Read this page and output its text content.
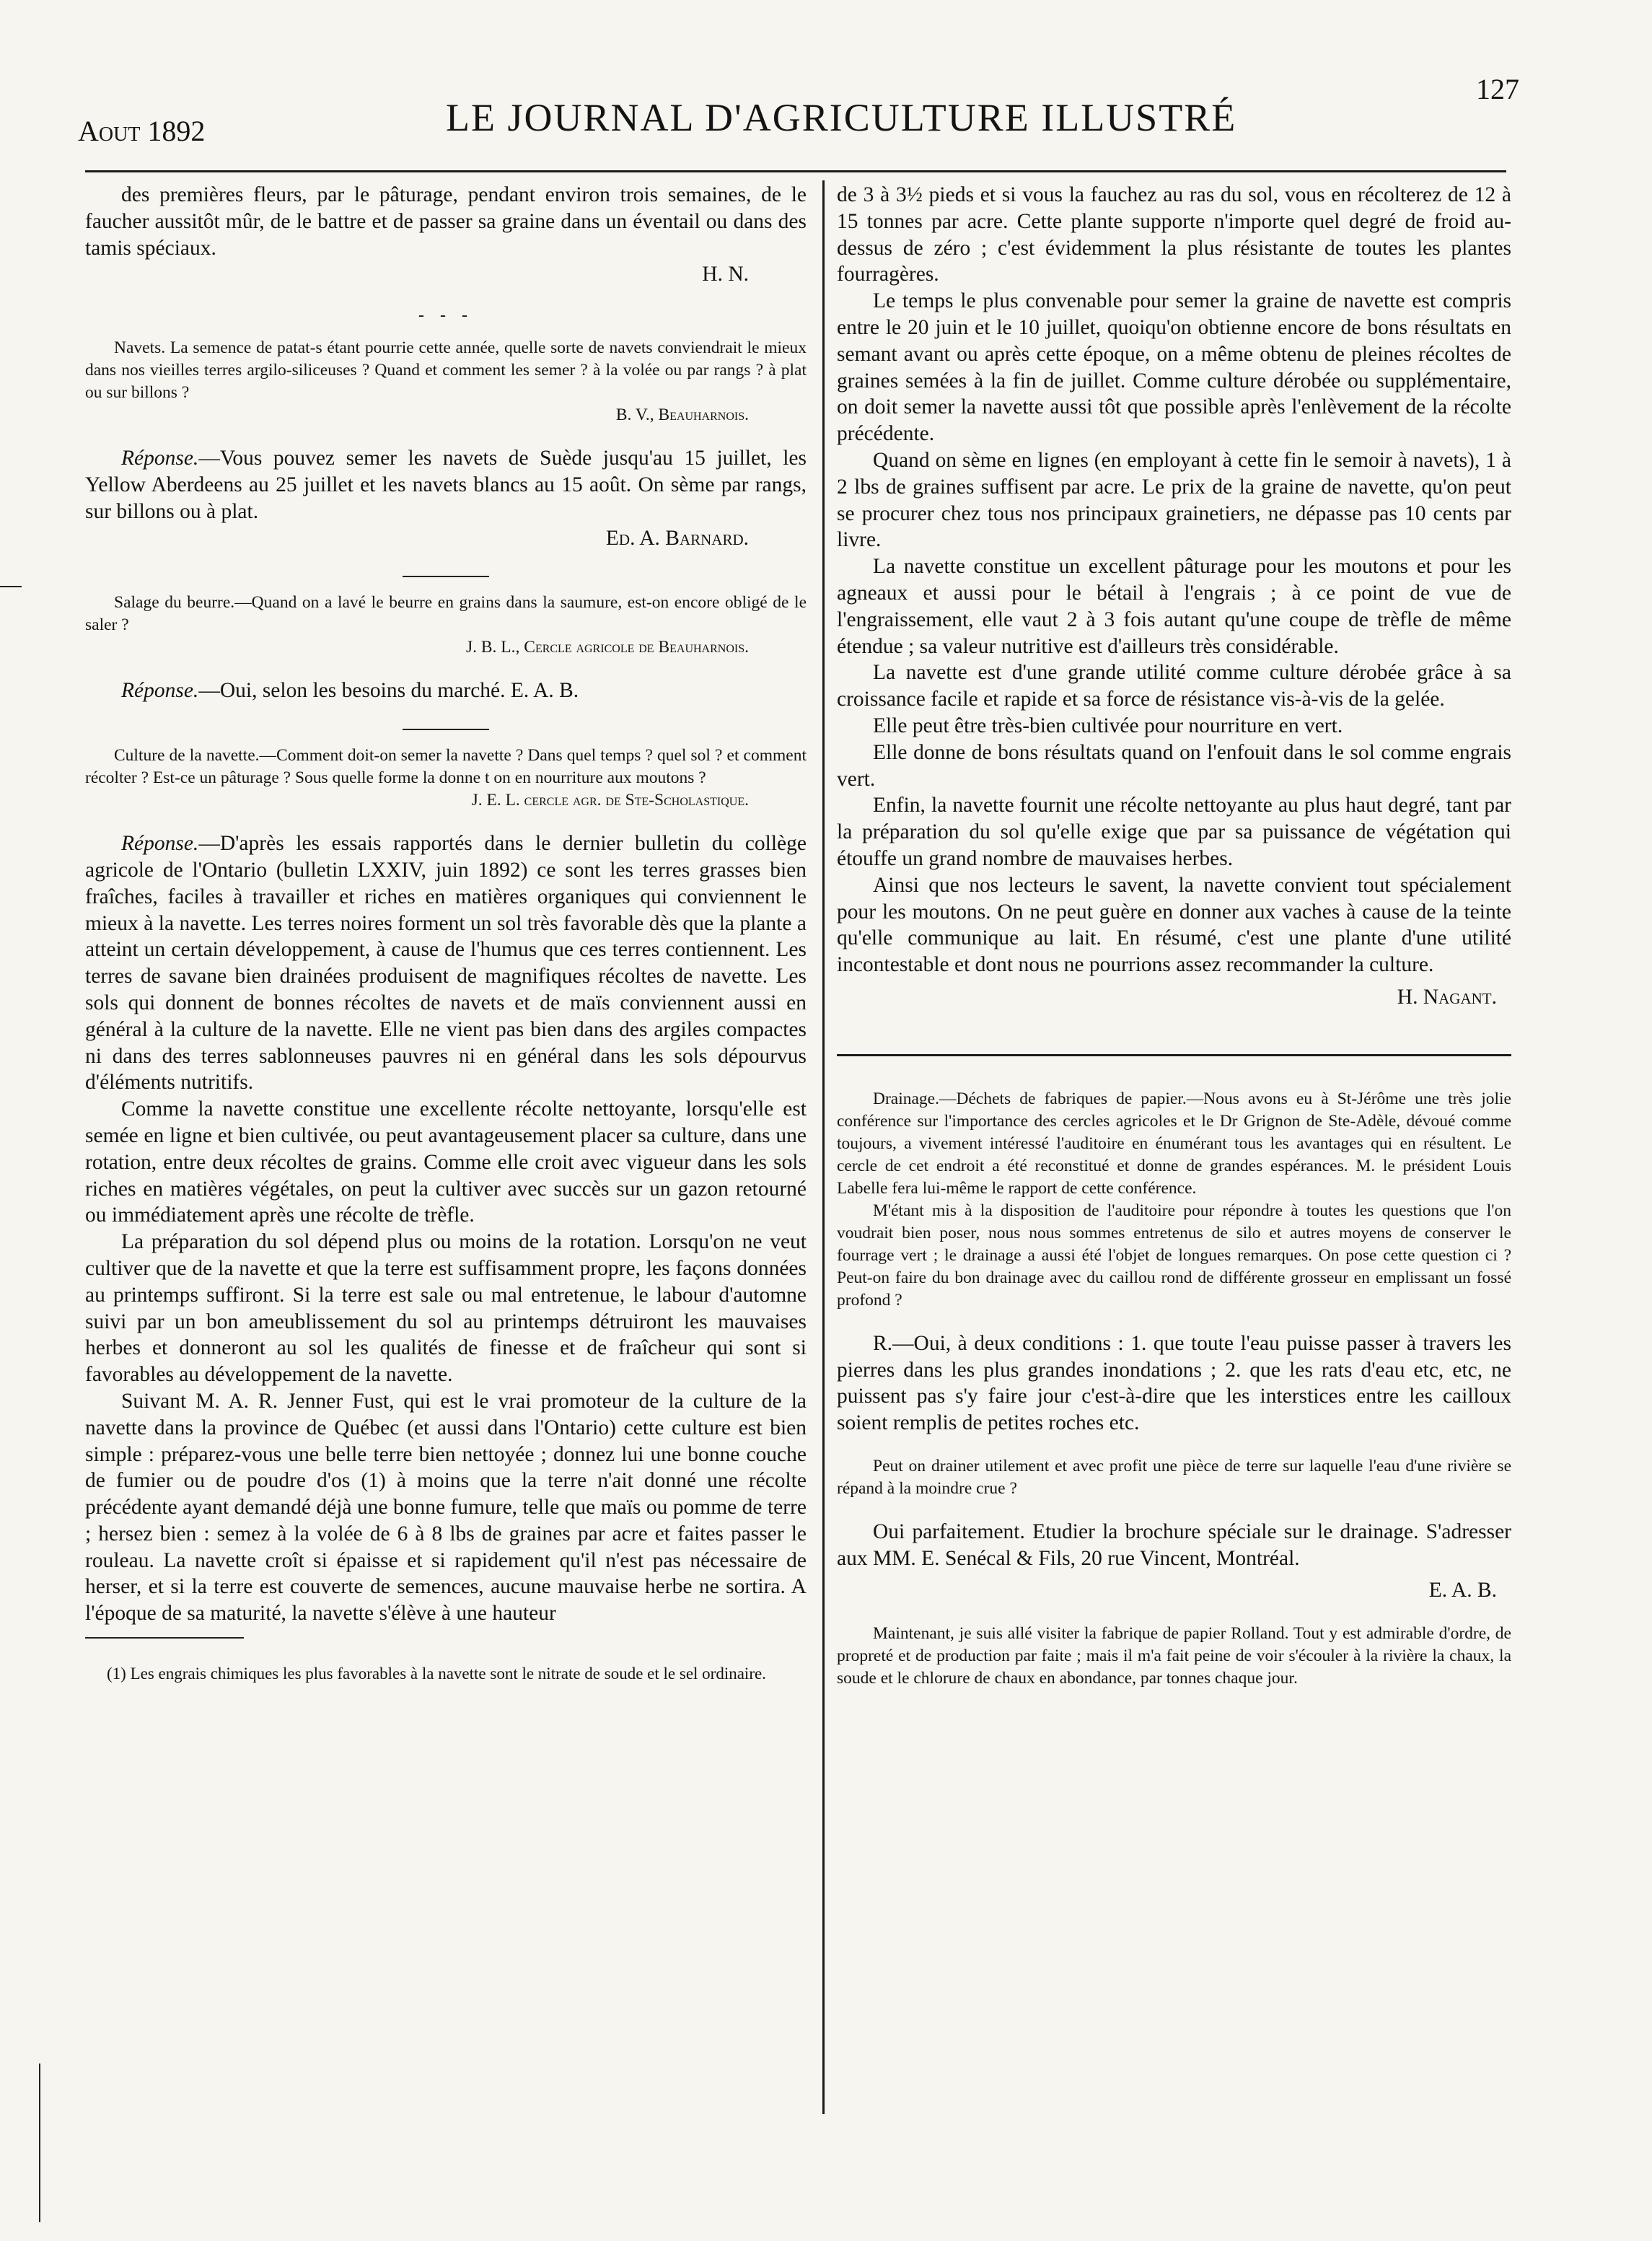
Aout 1892	LE JOURNAL D'AGRICULTURE ILLUSTRÉ
127

des premières fleurs, par le pâturage, pendant environ trois semaines, de le faucher aussitôt mûr, de le battre et de passer sa graine dans un éventail ou dans des tamis spéciaux.

H. N.

- - -

Navets. La semence de patat-s étant pourrie cette année, quelle sorte de navets conviendrait le mieux dans nos vieilles terres argilo-siliceuses ? Quand et comment les semer ? à la volée ou par rangs ? à plat ou sur billons ?

B. V., Beauharnois.

Réponse.—Vous pouvez semer les navets de Suède jusqu'au 15 juillet, les Yellow Aberdeens au 25 juillet et les navets blancs au 15 août. On sème par rangs, sur billons ou à plat.

Ed. A. Barnard.

Salage du beurre.—Quand on a lavé le beurre en grains dans la saumure, est-on encore obligé de le saler ?

J. B. L., Cercle agricole de Beauharnois.

Réponse.—Oui, selon les besoins du marché. E. A. B.

Culture de la navette.—Comment doit-on semer la navette ? Dans quel temps ? quel sol ? et comment récolter ? Est-ce un pâturage ? Sous quelle forme la donne t on en nourriture aux moutons ?

J. E. L. cercle agr. de Ste-Scholastique.

Réponse.—D'après les essais rapportés dans le dernier bulletin du collège agricole de l'Ontario (bulletin LXXIV, juin 1892) ce sont les terres grasses bien fraîches, faciles à travailler et riches en matières organiques qui conviennent le mieux à la navette. Les terres noires forment un sol très favorable dès que la plante a atteint un certain développement, à cause de l'humus que ces terres contiennent. Les terres de savane bien drainées produisent de magnifiques récoltes de navette. Les sols qui donnent de bonnes récoltes de navets et de maïs conviennent aussi en général à la culture de la navette. Elle ne vient pas bien dans des argiles compactes ni dans des terres sablonneuses pauvres ni en général dans les sols dépourvus d'éléments nutritifs.

Comme la navette constitue une excellente récolte nettoyante, lorsqu'elle est semée en ligne et bien cultivée, ou peut avantageusement placer sa culture, dans une rotation, entre deux récoltes de grains. Comme elle croit avec vigueur dans les sols riches en matières végétales, on peut la cultiver avec succès sur un gazon retourné ou immédiatement après une récolte de trèfle.

La préparation du sol dépend plus ou moins de la rotation. Lorsqu'on ne veut cultiver que de la navette et que la terre est suffisamment propre, les façons données au printemps suffiront. Si la terre est sale ou mal entretenue, le labour d'automne suivi par un bon ameublissement du sol au printemps détruiront les mauvaises herbes et donneront au sol les qualités de finesse et de fraîcheur qui sont si favorables au développement de la navette.

Suivant M. A. R. Jenner Fust, qui est le vrai promoteur de la culture de la navette dans la province de Québec (et aussi dans l'Ontario) cette culture est bien simple : préparez-vous une belle terre bien nettoyée ; donnez lui une bonne couche de fumier ou de poudre d'os (1) à moins que la terre n'ait donné une récolte précédente ayant demandé déjà une bonne fumure, telle que maïs ou pomme de terre ; hersez bien : semez à la volée de 6 à 8 lbs de graines par acre et faites passer le rouleau. La navette croît si épaisse et si rapidement qu'il n'est pas nécessaire de herser, et si la terre est couverte de semences, aucune mauvaise herbe ne sortira. A l'époque de sa maturité, la navette s'élève à une hauteur

(1) Les engrais chimiques les plus favorables à la navette sont le nitrate de soude et le sel ordinaire.

de 3 à 3½ pieds et si vous la fauchez au ras du sol, vous en récolterez de 12 à 15 tonnes par acre. Cette plante supporte n'importe quel degré de froid au-dessus de zéro ; c'est évidemment la plus résistante de toutes les plantes fourragères.

Le temps le plus convenable pour semer la graine de navette est compris entre le 20 juin et le 10 juillet, quoiqu'on obtienne encore de bons résultats en semant avant ou après cette époque, on a même obtenu de pleines récoltes de graines semées à la fin de juillet. Comme culture dérobée ou supplémentaire, on doit semer la navette aussi tôt que possible après l'enlèvement de la récolte précédente.

Quand on sème en lignes (en employant à cette fin le semoir à navets), 1 à 2 lbs de graines suffisent par acre. Le prix de la graine de navette, qu'on peut se procurer chez tous nos principaux grainetiers, ne dépasse pas 10 cents par livre.

La navette constitue un excellent pâturage pour les moutons et pour les agneaux et aussi pour le bétail à l'engrais ; à ce point de vue de l'engraissement, elle vaut 2 à 3 fois autant qu'une coupe de trèfle de même étendue ; sa valeur nutritive est d'ailleurs très considérable.

La navette est d'une grande utilité comme culture dérobée grâce à sa croissance facile et rapide et sa force de résistance vis-à-vis de la gelée.

Elle peut être très-bien cultivée pour nourriture en vert.

Elle donne de bons résultats quand on l'enfouit dans le sol comme engrais vert.

Enfin, la navette fournit une récolte nettoyante au plus haut degré, tant par la préparation du sol qu'elle exige que par sa puissance de végétation qui étouffe un grand nombre de mauvaises herbes.

Ainsi que nos lecteurs le savent, la navette convient tout spécialement pour les moutons. On ne peut guère en donner aux vaches à cause de la teinte qu'elle communique au lait. En résumé, c'est une plante d'une utilité incontestable et dont nous ne pourrions assez recommander la culture.

H. Nagant.

Drainage.—Déchets de fabriques de papier.—Nous avons eu à St-Jérôme une très jolie conférence sur l'importance des cercles agricoles et le Dr Grignon de Ste-Adèle, dévoué comme toujours, a vivement intéressé l'auditoire en énumérant tous les avantages qui en résultent. Le cercle de cet endroit a été reconstitué et donne de grandes espérances. M. le président Louis Labelle fera lui-même le rapport de cette conférence.

M'étant mis à la disposition de l'auditoire pour répondre à toutes les questions que l'on voudrait bien poser, nous nous sommes entretenus de silo et autres moyens de conserver le fourrage vert ; le drainage a aussi été l'objet de longues remarques. On pose cette question ci ? Peut-on faire du bon drainage avec du caillou rond de différente grosseur en emplissant un fossé profond ?

R.—Oui, à deux conditions : 1. que toute l'eau puisse passer à travers les pierres dans les plus grandes inondations ; 2. que les rats d'eau etc, etc, ne puissent pas s'y faire jour c'est-à-dire que les interstices entre les cailloux soient remplis de petites roches etc.

Peut on drainer utilement et avec profit une pièce de terre sur laquelle l'eau d'une rivière se répand à la moindre crue ?

Oui parfaitement. Etudier la brochure spéciale sur le drainage. S'adresser aux MM. E. Senécal & Fils, 20 rue Vincent, Montréal.

E. A. B.

Maintenant, je suis allé visiter la fabrique de papier Rolland. Tout y est admirable d'ordre, de propreté et de production par faite ; mais il m'a fait peine de voir s'écouler à la rivière la chaux, la soude et le chlorure de chaux en abondance, par tonnes chaque jour.
